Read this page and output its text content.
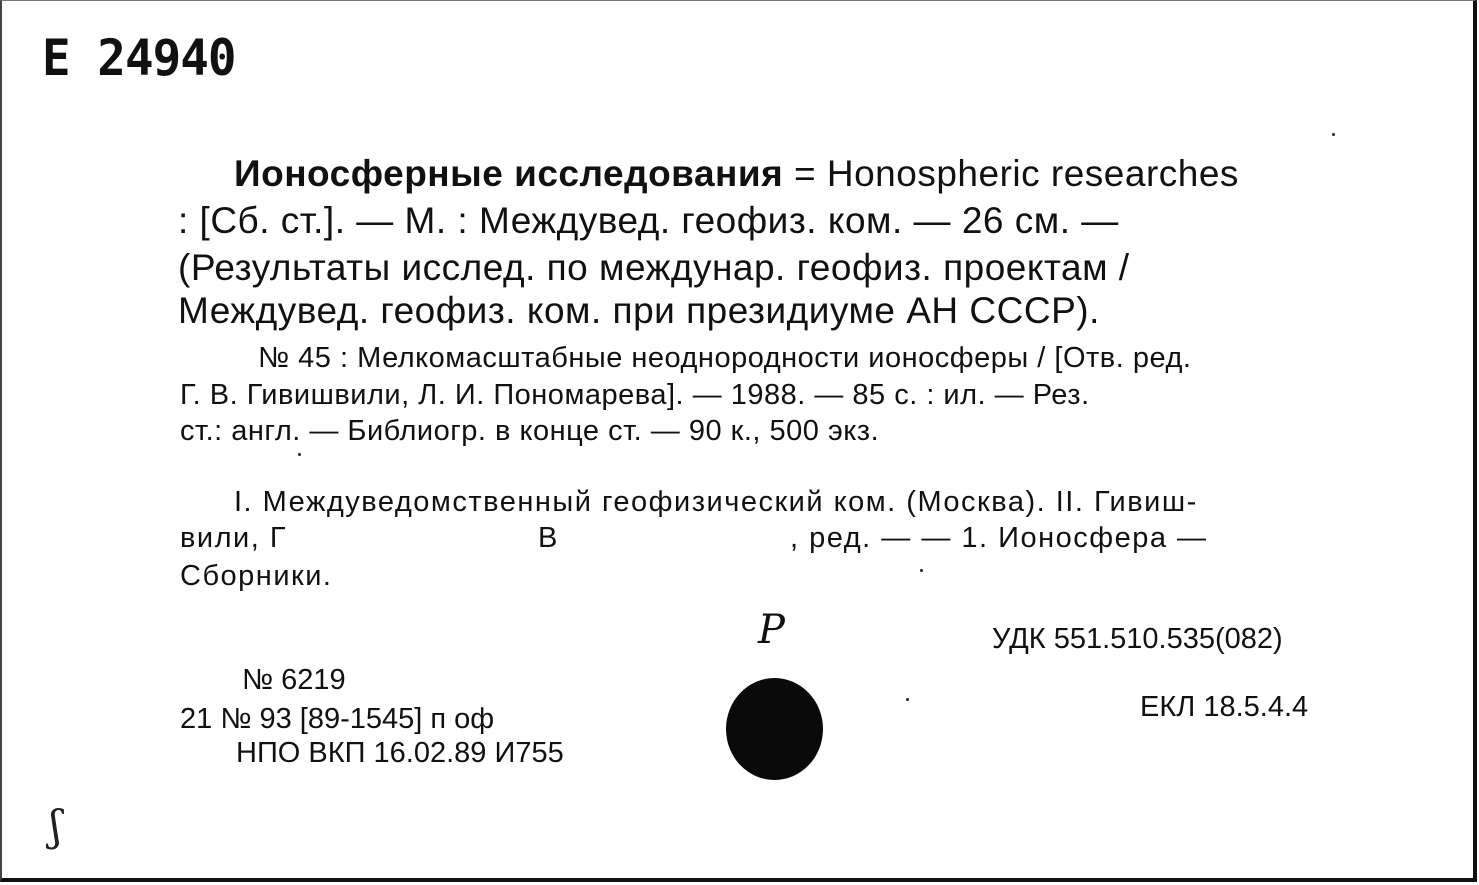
Е 24940
Ионосферные исследования = Honospheric researches
: [Сб. ст.]. — М. : Междувед. геофиз. ком. — 26 см. —
(Результаты исслед. по междунар. геофиз. проектам /
Междувед. геофиз. ком. при президиуме АН СССР).
№ 45 : Мелкомасштабные неоднородности ионосферы / [Отв. ред.
Г. В. Гивишвили, Л. И. Пономарева]. — 1988. — 85 с. : ил. — Рез.
ст.: англ. — Библиогр. в конце ст. — 90 к., 500 экз.
I. Междуведомственный геофизический ком. (Москва). II. Гивиш-
вили, Г	В	, ред. — — 1. Ионосфера —
Сборники.
УДК 551.510.535(082)
ЕКЛ 18.5.4.4
№ 6219
21 № 93 [89-1545] п оф
НПО ВКП 16.02.89 И755
Р
ʃ
